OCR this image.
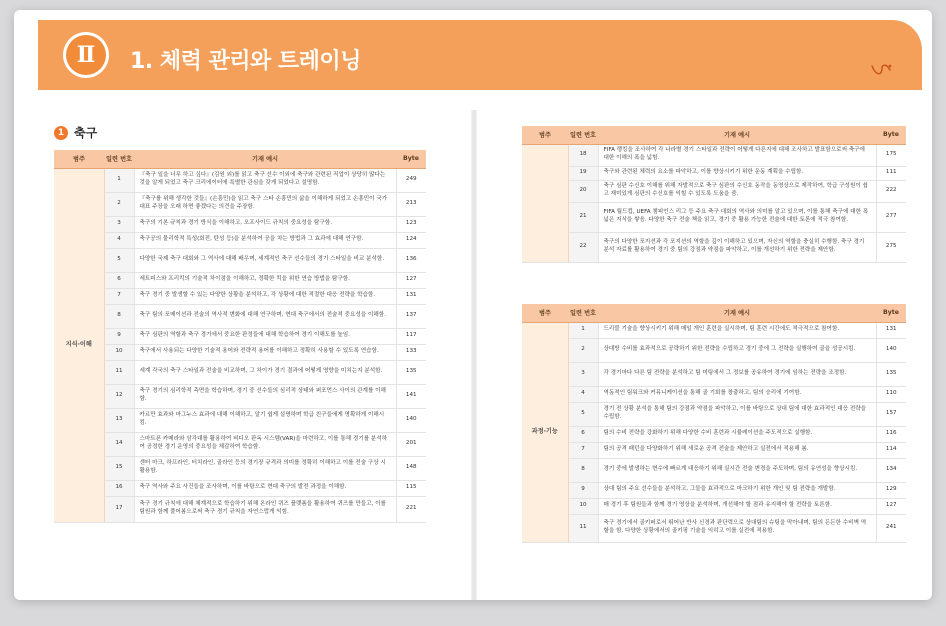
Ⅱ	1. 체력 관리와 트레이닝
1 축구
범주	일련 번호	기재 예시	Byte
지식·이해	1	『축구 일을 너무 하고 싶다』(김원 외)를 읽고 축구 선수 이외에 축구와 관련된 직업이 상당히 많다는 것을 알게 되었고 축구 크리에이터에 특별한 관심을 갖게 되었다고 설명함.	249
	2	『축구를 위해 생각한 것들』(손흥민)을 읽고 축구 스타 손흥민의 삶을 이해하게 되었고 손흥민이 국가대표 주장을 오래 하면 좋겠다는 의견을 주장함.	213
	3	축구의 기본 규칙과 경기 방식을 이해하고, 오프사이드 규칙의 중요성을 탐구함.	123
	4	축구공의 물리학적 특성(회전, 탄성 등)을 분석하여 공을 차는 방법과 그 효과에 대해 연구함.	124
	5	다양한 국제 축구 대회와 그 역사에 대해 배우며, 세계적인 축구 선수들의 경기 스타일을 비교 분석함.	136
	6	세트피스와 프리킥의 기술적 차이점을 이해하고, 정확한 킥을 위한 연습 방법을 탐구함.	127
	7	축구 경기 중 발생할 수 있는 다양한 상황을 분석하고, 각 상황에 대한 적절한 대응 전략을 학습함.	131
	8	축구 팀의 포메이션과 전술의 역사적 변화에 대해 연구하며, 현대 축구에서의 전술적 중요성을 이해함.	137
	9	축구 심판의 역할과 축구 경기에서 중요한 판정들에 대해 학습하여 경기 이해도를 높임.	117
	10	축구에서 사용되는 다양한 기술적 용어와 전략적 용어를 이해하고 정확히 사용할 수 있도록 연습함.	133
	11	세계 각국의 축구 스타일과 전술을 비교하며, 그 차이가 경기 결과에 어떻게 영향을 미치는지 분석함.	135
	12	축구 경기의 심리학적 측면을 학습하며, 경기 중 선수들의 심리적 상태와 퍼포먼스 사이의 관계를 이해함.	141
	13	카르만 효과와 마그누스 효과에 대해 이해하고, 알기 쉽게 설명하며 학급 친구들에게 명확하게 이해시킴.	140
	14	스마트폰 카메라와 삼각대를 활용하여 비디오 판독 시스템(VAR)을 마련하고, 이를 통해 경기를 분석하여 공정한 경기 운영의 중요성을 체감하여 학습함.	201
	15	센터 마크, 하프라인, 터치라인, 골라인 등의 경기장 규격과 의미를 정확히 이해하고 이를 전술 구상 시 활용함.	148
	16	축구 역사와 주요 사건들을 조사하며, 이를 바탕으로 현대 축구의 발전 과정을 이해함.	115
	17	축구 경기 규칙에 대해 체계적으로 학습하기 위해 온라인 퀴즈 플랫폼을 활용하여 퀴즈를 만들고, 이를 팀원과 함께 풀어봄으로써 축구 경기 규칙을 자연스럽게 익힘.	221
범주	일련 번호	기재 예시	Byte
	18	FIFA 랭킹을 조사하여 각 나라별 경기 스타일과 전략이 어떻게 다른지에 대해 조사하고 발표함으로써 축구에 대한 이해의 폭을 넓힘.	175
	19	축구와 관련된 체력의 요소를 파악하고, 이를 향상시키기 위한 운동 계획을 수립함.	111
	20	축구 심판 수신호 이해를 위해 자발적으로 축구 심판의 수신호 동작을 동영상으로 제작하여, 학급 구성원이 쉽고 재미있게 심판의 수신호를 익힐 수 있도록 도움을 줌.	222
	21	FIFA 월드컵, UEFA 챔피언스 리그 등 주요 축구 대회의 역사와 의미를 알고 있으며, 이를 통해 축구에 대한 폭넓은 지식을 쌓음. 다양한 축구 전술 책을 읽고, 경기 중 활용 가능한 전술에 대한 토론에 적극 참여함.	277
	22	축구의 다양한 포지션과 각 포지션의 역할을 깊이 이해하고 있으며, 자신의 역할을 충실히 수행함. 축구 경기 분석 자료를 활용하여 경기 중 팀의 강점과 약점을 파악하고, 이를 개선하기 위한 전략을 제안함.	275
범주	일련 번호	기재 예시	Byte
과정·기능	1	드리블 기술을 향상시키기 위해 매일 개인 훈련을 실시하며, 팀 훈련 시간에도 적극적으로 참여함.	131
	2	상대방 수비를 효과적으로 공략하기 위한 전략을 수립하고 경기 중에 그 전략을 실행하여 골을 성공시킴.	140
	3	각 경기마다 다른 팀 전략을 분석하고 팀 미팅에서 그 정보를 공유하여 경기에 임하는 전략을 조정함.	135
	4	역동적인 팀워크와 커뮤니케이션을 통해 골 기회를 창출하고, 팀의 승리에 기여함.	110
	5	경기 전 상황 분석을 통해 팀의 강점과 약점을 파악하고, 이를 바탕으로 상대 팀에 대한 효과적인 대응 전략을 수립함.	157
	6	팀의 수비 전략을 강화하기 위해 다양한 수비 훈련과 시뮬레이션을 주도적으로 실행함.	116
	7	팀의 공격 패턴을 다양화하기 위해 새로운 공격 전술을 제안하고 실전에서 적용해 봄.	114
	8	경기 중에 발생하는 변수에 빠르게 대응하기 위해 실시간 전술 변경을 주도하며, 팀의 유연성을 향상시킴.	134
	9	상대 팀의 주요 선수들을 분석하고, 그들을 효과적으로 마크하기 위한 개인 및 팀 전략을 개발함.	129
	10	매 경기 후 팀원들과 함께 경기 영상을 분석하며, 개선해야 할 점과 유지해야 할 전략을 토론함.	127
	11	축구 경기에서 골키퍼로서 뛰어난 반사 신경과 판단력으로 상대팀의 슈팅을 막아내며, 팀의 든든한 수비벽 역할을 함. 다양한 상황에서의 골키핑 기술을 익히고 이를 실전에 적용함.	241
